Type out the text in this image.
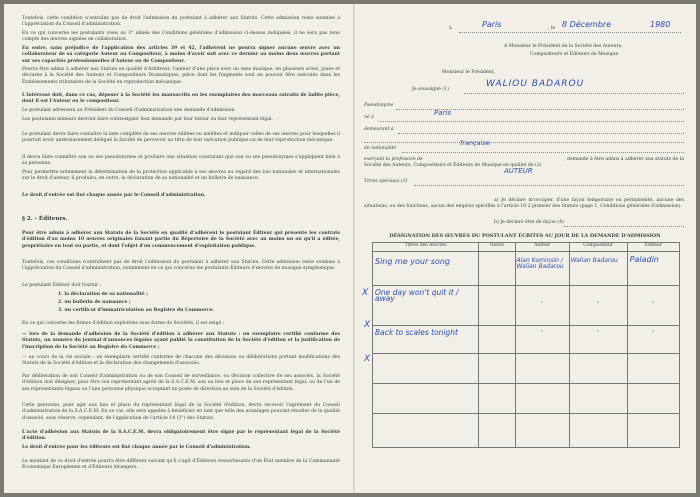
Toutefois, cette condition n'entraîne pas de droit l'admission du postulant à adhérer aux Statuts. Cette admission reste soumise à l'appréciation du Conseil d'administration.

En ce qui concerne les postulants visés au 3° alinéa des Conditions générales d'admission ci-dessus indiquées, il ne sera pas tenu compte des œuvres signées en collaboration.

En outre, sans préjudice de l'application des articles 39 et 42, l'adhérent ne pourra signer aucune œuvre avec un collaborateur de sa catégorie Auteur ou Compositeur, à moins d'avoir soit avec ce dernier au moins deux œuvres portant sur ses capacités professionnelles d'Auteur ou de Compositeur.

Pourra être admis à adhérer aux Statuts en qualité d'Arbitreur, l'auteur d'une pièce avec un sens musique, en plusieurs actes, jouée et déclarée à la Société des Auteurs et Compositeurs Dramatiques, pièce dont les fragments sont en pouvoir être exécutés dans les Établissements tributaires de la Société en reproduction mécanique.

L'intéressé doit, dans ce cas, déposer à la Société les manuscrits ou les exemplaires des morceaux extraits de ladite pièce, dont il est l'Auteur ou le compositeur.

Le postulant adressera au Président du Conseil d'administration une demande d'admission.

Les postulants mineurs devront faire contresigner leur demande par leur tuteur ou leur représentant légal.

Le postulant devra faire connaître la liste complète de ses œuvres éditées ou inédites et indiquer celles de ses œuvres pour lesquelles il pourrait avoir antérieurement délégué la faculté de percevoir au titre de leur exécution publique ou de leur reproduction mécanique.

Il devra faire connaître son ou ses pseudonymes et produire une situation constatant que son ou ses pseudonymes s'appliquent bien à sa personne.

Pour permettre notamment la détermination de la protection applicable à ses œuvres au regard des lois nationales et internationales sur le droit d'auteur, il produira, en outre, la déclaration de sa nationalité et un bulletin de naissance.

Le droit d'entrée est fixé chaque année par le Conseil d'administration.

§ 2. - Éditeurs.

Pour être admis à adhérer aux Statuts de la Société en qualité d'adhérent le postulant Éditeur qui présente les contrats d'édition d'au moins 10 œuvres originales faisant partie du Répertoire de la Société avec au moins un ou qu'il a éditée, propriétaire en tout ou partie, et dont l'objet d'un commencement d'exploitation publique.

Toutefois, ces conditions n'entraînent pas de droit l'admission du postulant à adhérer aux Statuts. Cette admission reste soumise à l'appréciation du Conseil d'administration, notamment en ce qui concerne les postulants Éditeurs d'œuvres de musique symphonique.

Le postulant Éditeur doit fournir :

1. la déclaration de sa nationalité ;

2. un bulletin de naissance ;

3. un certificat d'immatriculation au Registre du Commerce.

En ce qui concerne les firmes d'édition exploitées sous forme de Sociétés, il est exigé :

— lors de la demande d'adhésion de la Société d'édition à adhérer aux Statuts : un exemplaire certifié conforme des Statuts, un numéro du journal d'annonces légales ayant publié la constitution de la Société d'édition et la justification de l'inscription de la Société au Registre du Commerce ;

— au cours de la vie sociale : un exemplaire certifié conforme de chacune des décisions ou délibérations portant modifications des Statuts de la Société d'édition et la déclaration des changements d'associés.

Par délibération de son Conseil d'administration ou de son Conseil de surveillance, ou décision collective de ses associés, la Société d'édition doit désigner, pour être son représentant agréé de la S.A.C.E.M. son ou lieu et place de son représentant légal, ou de l'un de ses représentants légaux ou l'une personne physique acceptant un poste de direction au sein de la Société d'édition.

Cette personne, pour agir aux lieu et place du représentant légal de la Société d'édition, devra recevoir l'agrément du Conseil d'administration de la S.A.C.E.M. En ce cas, elle sera appelée à bénéficier en tant que telle des avantages pouvant résulter de la qualité d'associé, sous réserve, cependant, de l'application de l'article 14 (3°) des Statuts.

L'acte d'adhésion aux Statuts de la S.A.C.E.M. devra obligatoirement être signé par le représentant légal de la Société d'édition.

Le droit d'entrée pour les éditeurs est fixé chaque année par le Conseil d'administration.

Le montant de ce droit d'entrée pourra être différent suivant qu'il s'agit d'Éditeurs ressortissants d'un État membre de la Communauté Économique Européenne et d'Éditeurs étrangers.

à	Paris	, le 8 Décembre	1980

A Monsieur le Président de la Société des Auteurs,

Compositeurs et Éditeurs de Musique

Monsieur le Président,

Je soussigné (1)

WALIOU BADAROU

Pseudonyme

né à

Paris

demeurant à

de nationalité

française

exerçant la profession de	, demande à être admis à adhérer aux statuts de la Société des Auteurs, Compositeurs et Éditeurs de Musique en qualité de (2)

AUTEUR

Titres spéciaux (3)

a) Je déclare m'occuper, d'une façon temporaire ou permanente, aucune des situations, ou des fonctions, aucun des emplois spécifiés à l'article 10 2 premier des Statuts (page 1, Conditions générales d'admission).

b) Je déclare être de façon (4)

DÉSIGNATION DES ŒUVRES DU POSTULANT ÉCRITES AU JOUR DE LA DEMANDE D'ADMISSION

Titres des œuvres	Genre	Auteur	Compositeur	Éditeur
Sing me your song		Alan Kominsin / Walian Badarou	Walian Badarou	Paladin
One day won't quit it / away		"	"	"
Back to scales tonight		"	"	"

X
X
X
